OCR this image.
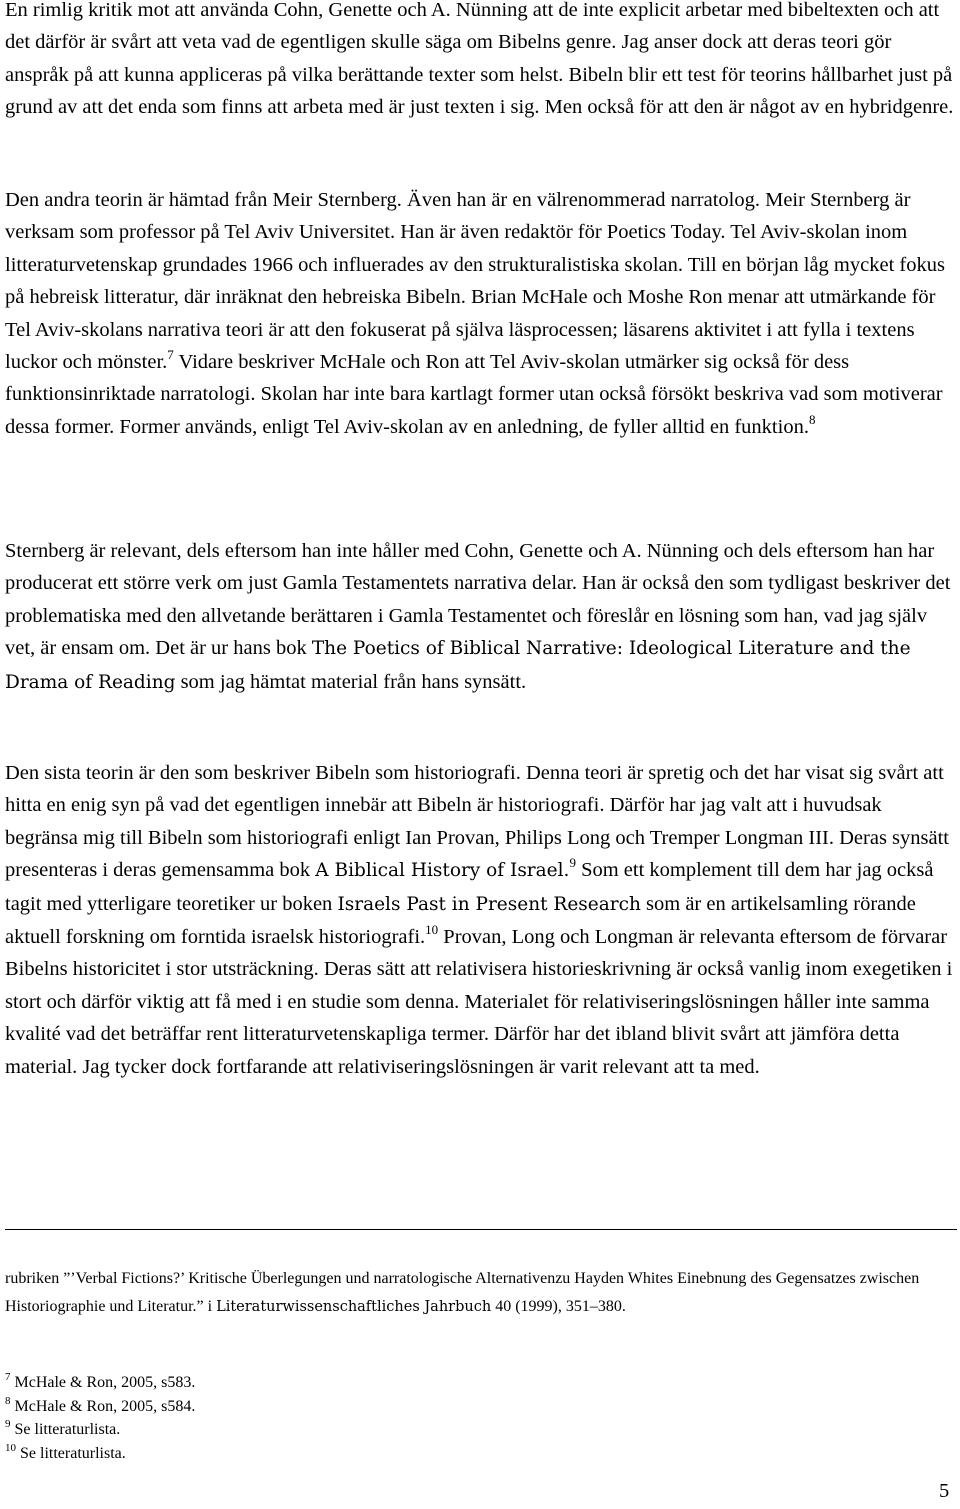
En rimlig kritik mot att använda Cohn, Genette och A. Nünning att de inte explicit arbetar med bibeltexten och att det därför är svårt att veta vad de egentligen skulle säga om Bibelns genre. Jag anser dock att deras teori gör anspråk på att kunna appliceras på vilka berättande texter som helst. Bibeln blir ett test för teorins hållbarhet just på grund av att det enda som finns att arbeta med är just texten i sig. Men också för att den är något av en hybridgenre.

Den andra teorin är hämtad från Meir Sternberg. Även han är en välrenommerad narratolog. Meir Sternberg är verksam som professor på Tel Aviv Universitet. Han är även redaktör för Poetics Today. Tel Aviv-skolan inom litteraturvetenskap grundades 1966 och influerades av den strukturalistiska skolan. Till en början låg mycket fokus på hebreisk litteratur, där inräknat den hebreiska Bibeln. Brian McHale och Moshe Ron menar att utmärkande för Tel Aviv-skolans narrativa teori är att den fokuserat på själva läsprocessen; läsarens aktivitet i att fylla i textens luckor och mönster.$^7$ Vidare beskriver McHale och Ron att Tel Aviv-skolan utmärker sig också för dess funktionsinriktade narratologi. Skolan har inte bara kartlagt former utan också försökt beskriva vad som motiverar dessa former. Former används, enligt Tel Aviv-skolan av en anledning, de fyller alltid en funktion.$^8$

Sternberg är relevant, dels eftersom han inte håller med Cohn, Genette och A. Nünning och dels eftersom han har producerat ett större verk om just Gamla Testamentets narrativa delar. Han är också den som tydligast beskriver det problematiska med den allvetande berättaren i Gamla Testamentet och föreslår en lösning som han, vad jag själv vet, är ensam om. Det är ur hans bok The Poetics of Biblical Narrative: Ideological Literature and the Drama of Reading som jag hämtat material från hans synsätt.

Den sista teorin är den som beskriver Bibeln som historiografi. Denna teori är spretig och det har visat sig svårt att hitta en enig syn på vad det egentligen innebär att Bibeln är historiografi. Därför har jag valt att i huvudsak begränsa mig till Bibeln som historiografi enligt Ian Provan, Philips Long och Tremper Longman III. Deras synsätt presenteras i deras gemensamma bok A Biblical History of Israel.$^9$ Som ett komplement till dem har jag också tagit med ytterligare teoretiker ur boken Israels Past in Present Research som är en artikelsamling rörande aktuell forskning om forntida israelsk historiografi.$^{10}$ Provan, Long och Longman är relevanta eftersom de förvarar Bibelns historicitet i stor utsträckning. Deras sätt att relativisera historieskrivning är också vanlig inom exegetiken i stort och därför viktig att få med i en studie som denna. Materialet för relativiseringslösningen håller inte samma kvalité vad det beträffar rent litteraturvetenskapliga termer. Därför har det ibland blivit svårt att jämföra detta material. Jag tycker dock fortfarande att relativiseringslösningen är varit relevant att ta med.

rubriken ”’Verbal Fictions?’ Kritische Überlegungen und narratologische Alternativenzu Hayden Whites Einebnung des Gegensatzes zwischen Historiographie und Literatur.” i Literaturwissenschaftliches Jahrbuch 40 (1999), 351–380.

$^7$ McHale & Ron, 2005, s583.
$^8$ McHale & Ron, 2005, s584.
$^9$ Se litteraturlista.
$^{10}$ Se litteraturlista.
5
